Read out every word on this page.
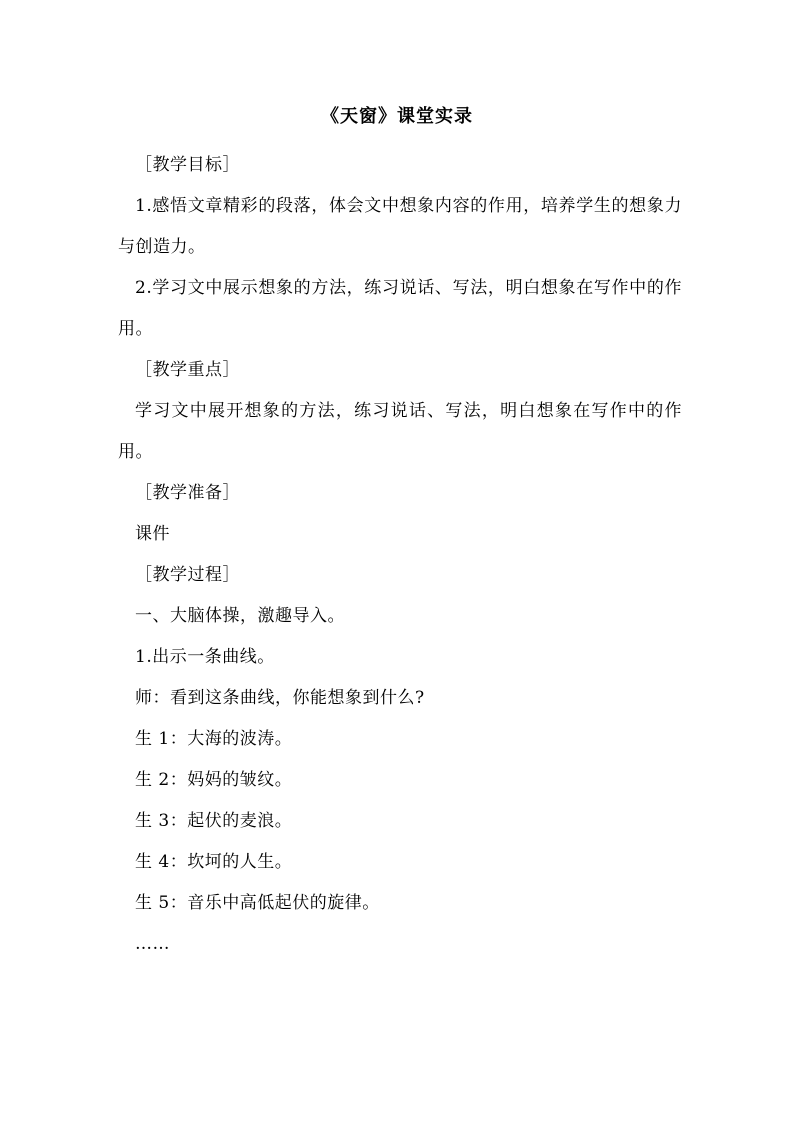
《天窗》课堂实录

［教学目标］

1.感悟文章精彩的段落，体会文中想象内容的作用，培养学生的想象力与创造力。

2.学习文中展示想象的方法，练习说话、写法，明白想象在写作中的作用。

［教学重点］

学习文中展开想象的方法，练习说话、写法，明白想象在写作中的作用。

［教学准备］

课件

［教学过程］

一、大脑体操，激趣导入。

1.出示一条曲线。

师：看到这条曲线，你能想象到什么?

生 1：大海的波涛。

生 2：妈妈的皱纹。

生 3：起伏的麦浪。

生 4：坎坷的人生。

生 5：音乐中高低起伏的旋律。

……
